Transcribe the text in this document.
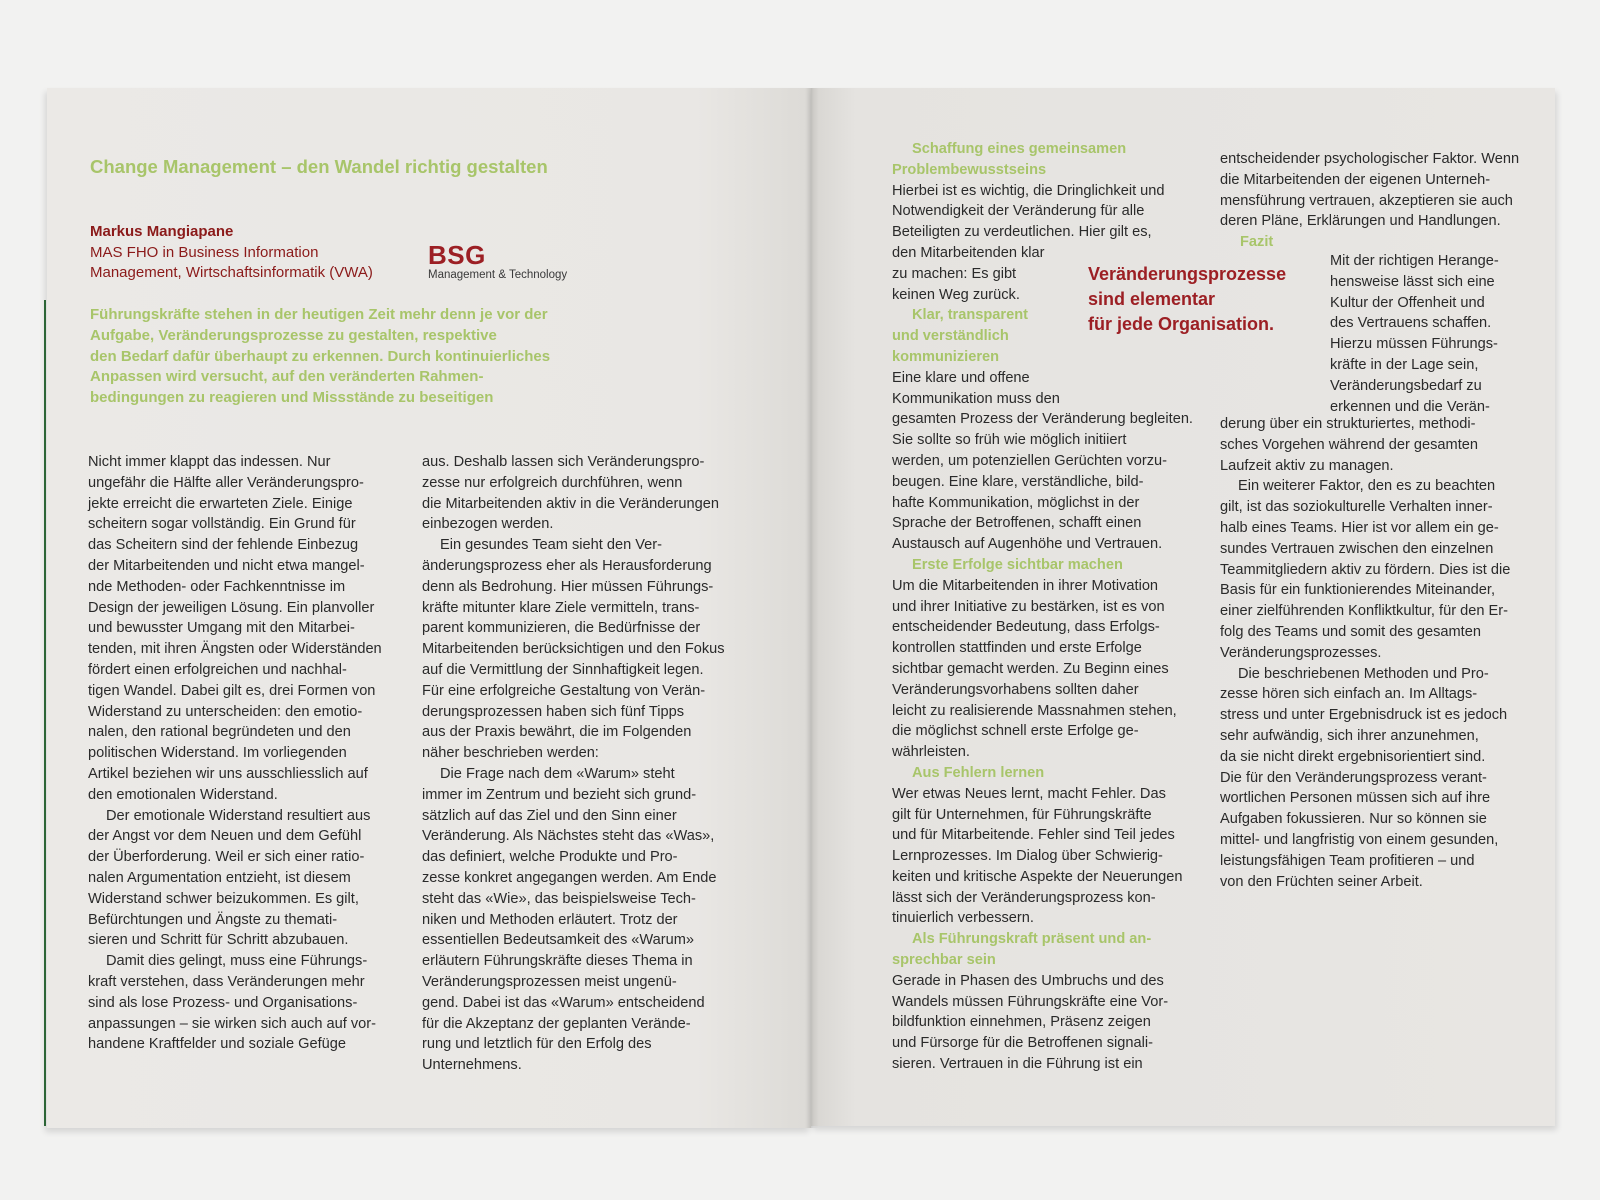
Change Management – den Wandel richtig gestalten
Markus Mangiapane
MAS FHO in Business Information
Management, Wirtschaftsinformatik (VWA)
BSG
Management & Technology
Führungskräfte stehen in der heutigen Zeit mehr denn je vor der
Aufgabe, Veränderungsprozesse zu gestalten, respektive
den Bedarf dafür überhaupt zu erkennen. Durch kontinuierliches
Anpassen wird versucht, auf den veränderten Rahmen-
bedingungen zu reagieren und Missstände zu beseitigen
Nicht immer klappt das indessen. Nur
ungefähr die Hälfte aller Veränderungspro-
jekte erreicht die erwarteten Ziele. Einige
scheitern sogar vollständig. Ein Grund für
das Scheitern sind der fehlende Einbezug
der Mitarbeitenden und nicht etwa mangel-
nde Methoden- oder Fachkenntnisse im
Design der jeweiligen Lösung. Ein planvoller
und bewusster Umgang mit den Mitarbei-
tenden, mit ihren Ängsten oder Widerständen
fördert einen erfolgreichen und nachhal-
tigen Wandel. Dabei gilt es, drei Formen von
Widerstand zu unterscheiden: den emotio-
nalen, den rational begründeten und den
politischen Widerstand. Im vorliegenden
Artikel beziehen wir uns ausschliesslich auf
den emotionalen Widerstand.
Der emotionale Widerstand resultiert aus
der Angst vor dem Neuen und dem Gefühl
der Überforderung. Weil er sich einer ratio-
nalen Argumentation entzieht, ist diesem
Widerstand schwer beizukommen. Es gilt,
Befürchtungen und Ängste zu themati-
sieren und Schritt für Schritt abzubauen.
Damit dies gelingt, muss eine Führungs-
kraft verstehen, dass Veränderungen mehr
sind als lose Prozess- und Organisations-
anpassungen – sie wirken sich auch auf vor-
handene Kraftfelder und soziale Gefüge
aus. Deshalb lassen sich Veränderungspro-
zesse nur erfolgreich durchführen, wenn
die Mitarbeitenden aktiv in die Veränderungen
einbezogen werden.
Ein gesundes Team sieht den Ver-
änderungsprozess eher als Herausforderung
denn als Bedrohung. Hier müssen Führungs-
kräfte mitunter klare Ziele vermitteln, trans-
parent kommunizieren, die Bedürfnisse der
Mitarbeitenden berücksichtigen und den Fokus
auf die Vermittlung der Sinnhaftigkeit legen.
Für eine erfolgreiche Gestaltung von Verän-
derungsprozessen haben sich fünf Tipps
aus der Praxis bewährt, die im Folgenden
näher beschrieben werden:
Die Frage nach dem «Warum» steht
immer im Zentrum und bezieht sich grund-
sätzlich auf das Ziel und den Sinn einer
Veränderung. Als Nächstes steht das «Was»,
das definiert, welche Produkte und Pro-
zesse konkret angegangen werden. Am Ende
steht das «Wie», das beispielsweise Tech-
niken und Methoden erläutert. Trotz der
essentiellen Bedeutsamkeit des «Warum»
erläutern Führungskräfte dieses Thema in
Veränderungsprozessen meist ungenü-
gend. Dabei ist das «Warum» entscheidend
für die Akzeptanz der geplanten Verände-
rung und letztlich für den Erfolg des
Unternehmens.
Schaffung eines gemeinsamen
Problembewusstseins
Hierbei ist es wichtig, die Dringlichkeit und
Notwendigkeit der Veränderung für alle
Beteiligten zu verdeutlichen. Hier gilt es,
den Mitarbeitenden klar
zu machen: Es gibt
keinen Weg zurück.
Klar, transparent
und verständlich
kommunizieren
Eine klare und offene
Kommunikation muss den
gesamten Prozess der Veränderung begleiten.
Sie sollte so früh wie möglich initiiert
werden, um potenziellen Gerüchten vorzu-
beugen. Eine klare, verständliche, bild-
hafte Kommunikation, möglichst in der
Sprache der Betroffenen, schafft einen
Austausch auf Augenhöhe und Vertrauen.
Erste Erfolge sichtbar machen
Um die Mitarbeitenden in ihrer Motivation
und ihrer Initiative zu bestärken, ist es von
entscheidender Bedeutung, dass Erfolgs-
kontrollen stattfinden und erste Erfolge
sichtbar gemacht werden. Zu Beginn eines
Veränderungsvorhabens sollten daher
leicht zu realisierende Massnahmen stehen,
die möglichst schnell erste Erfolge ge-
währleisten.
Aus Fehlern lernen
Wer etwas Neues lernt, macht Fehler. Das
gilt für Unternehmen, für Führungskräfte
und für Mitarbeitende. Fehler sind Teil jedes
Lernprozesses. Im Dialog über Schwierig-
keiten und kritische Aspekte der Neuerungen
lässt sich der Veränderungsprozess kon-
tinuierlich verbessern.
Als Führungskraft präsent und an-
sprechbar sein
Gerade in Phasen des Umbruchs und des
Wandels müssen Führungskräfte eine Vor-
bildfunktion einnehmen, Präsenz zeigen
und Fürsorge für die Betroffenen signali-
sieren. Vertrauen in die Führung ist ein
entscheidender psychologischer Faktor. Wenn
die Mitarbeitenden der eigenen Unterneh-
mensführung vertrauen, akzeptieren sie auch
deren Pläne, Erklärungen und Handlungen.
Fazit
Mit der richtigen Herange-
hensweise lässt sich eine
Kultur der Offenheit und
des Vertrauens schaffen.
Hierzu müssen Führungs-
kräfte in der Lage sein,
Veränderungsbedarf zu
erkennen und die Verän-
derung über ein strukturiertes, methodi-
sches Vorgehen während der gesamten
Laufzeit aktiv zu managen.
Ein weiterer Faktor, den es zu beachten
gilt, ist das soziokulturelle Verhalten inner-
halb eines Teams. Hier ist vor allem ein ge-
sundes Vertrauen zwischen den einzelnen
Teammitgliedern aktiv zu fördern. Dies ist die
Basis für ein funktionierendes Miteinander,
einer zielführenden Konfliktkultur, für den Er-
folg des Teams und somit des gesamten
Veränderungsprozesses.
Die beschriebenen Methoden und Pro-
zesse hören sich einfach an. Im Alltags-
stress und unter Ergebnisdruck ist es jedoch
sehr aufwändig, sich ihrer anzunehmen,
da sie nicht direkt ergebnisorientiert sind.
Die für den Veränderungsprozess verant-
wortlichen Personen müssen sich auf ihre
Aufgaben fokussieren. Nur so können sie
mittel- und langfristig von einem gesunden,
leistungsfähigen Team profitieren – und
von den Früchten seiner Arbeit.
Veränderungsprozesse
sind elementar
für jede Organisation.
